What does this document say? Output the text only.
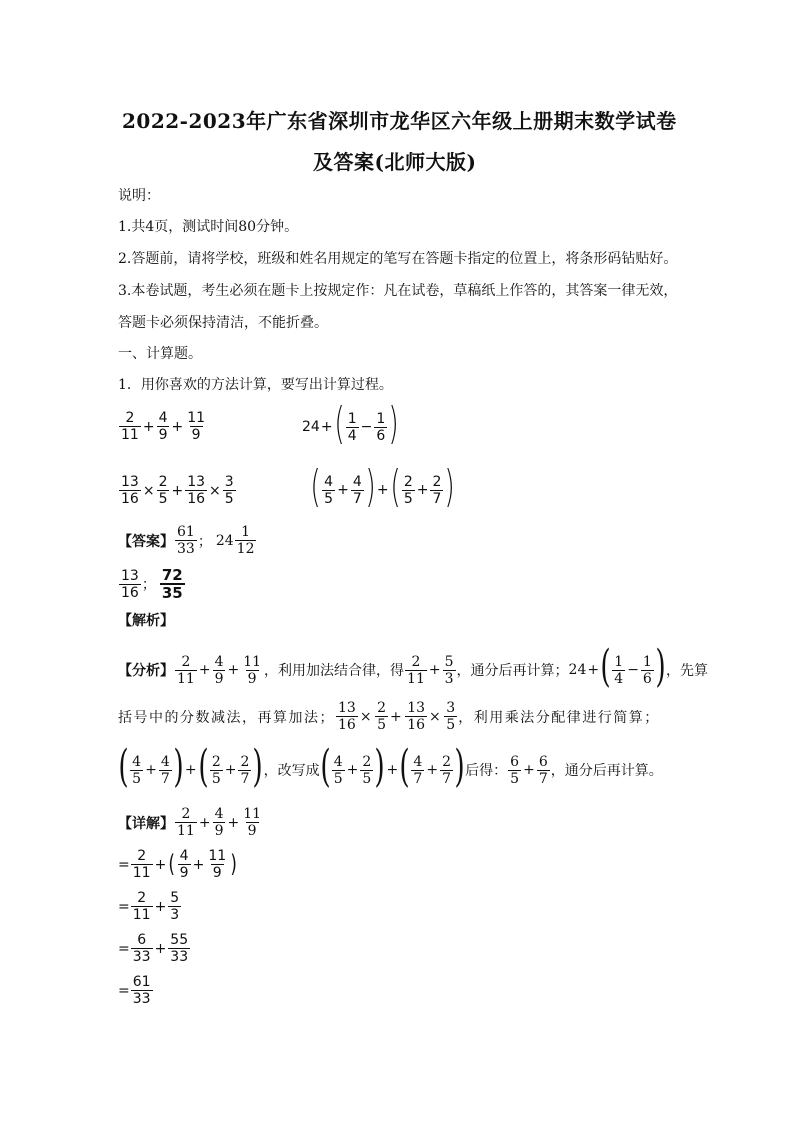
2022-2023年广东省深圳市龙华区六年级上册期末数学试卷
及答案(北师大版)
说明：
1.共4页，测试时间80分钟。
2.答题前，请将学校，班级和姓名用规定的笔写在答题卡指定的位置上，将条形码钻贴好。
3.本卷试题，考生必须在题卡上按规定作：凡在试卷，草稿纸上作答的，其答案一律无效，
答题卡必须保持清洁，不能折叠。
一、计算题。
1．用你喜欢的方法计算，要写出计算过程。
$\frac{2}{11} + \frac{4}{9} + \frac{11}{9}$	24 + ( $\frac{1}{4} - \frac{1}{6}$ )
$\frac{13}{16} \times \frac{2}{5} + \frac{13}{16} \times \frac{3}{5}$ ( $\frac{4}{5} + \frac{4}{7}$ ) + ( $\frac{2}{5} + \frac{2}{7}$ )
【答案】 $\frac{61}{33}$ ； $24 \frac{1}{12}$
$\frac{13}{16}$ ； $\frac{72}{35}$
【解析】
【分析】 $\frac{2}{11} + \frac{4}{9} + \frac{11}{9}$ ，利用加法结合律，得 $\frac{2}{11} + \frac{5}{3}$ ，通分后再计算； 24 + ( $\frac{1}{4} - \frac{1}{6}$ ) ，先算
括号中的分数减法，再算加法； $\frac{13}{16} \times \frac{2}{5} + \frac{13}{16} \times \frac{3}{5}$ ，利用乘法分配律进行简算；
( $\frac{4}{5} + \frac{4}{7}$ ) + ( $\frac{2}{5} + \frac{2}{7}$ ) ，改写成 ( $\frac{4}{5} + \frac{2}{5}$ ) + ( $\frac{4}{7} + \frac{2}{7}$ ) 后得： $\frac{6}{5} + \frac{6}{7}$ ，通分后再计算。
【详解】 $\frac{2}{11} + \frac{4}{9} + \frac{11}{9}$
= $\frac{2}{11}$ + ( $\frac{4}{9} + \frac{11}{9}$ )
= $\frac{2}{11} + \frac{5}{3}$
= $\frac{6}{33} + \frac{55}{33}$
= $\frac{61}{33}$
